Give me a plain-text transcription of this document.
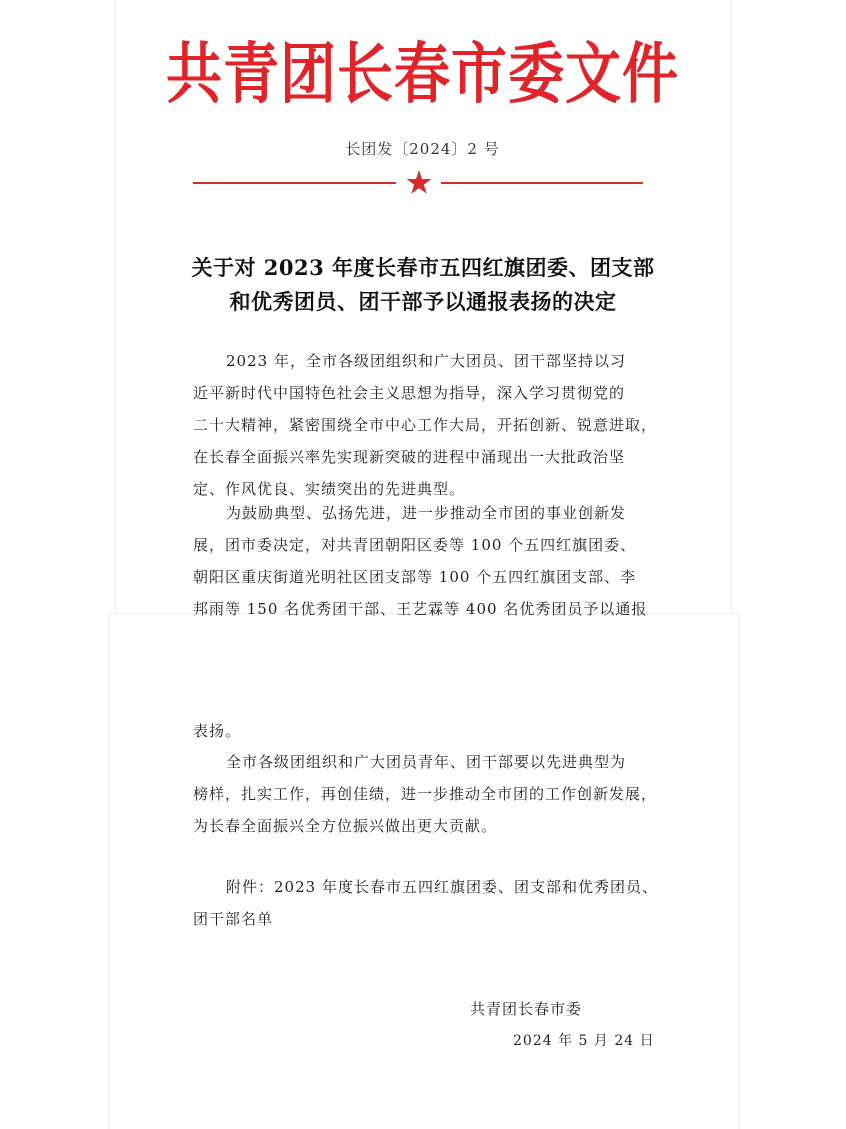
共青团长春市委文件
长团发〔2024〕2 号
关于对 2023 年度长春市五四红旗团委、团支部
和优秀团员、团干部予以通报表扬的决定
2023 年，全市各级团组织和广大团员、团干部坚持以习
近平新时代中国特色社会主义思想为指导，深入学习贯彻党的
二十大精神，紧密围绕全市中心工作大局，开拓创新、锐意进取，
在长春全面振兴率先实现新突破的进程中涌现出一大批政治坚
定、作风优良、实绩突出的先进典型。
为鼓励典型、弘扬先进，进一步推动全市团的事业创新发
展，团市委决定，对共青团朝阳区委等 100 个五四红旗团委、
朝阳区重庆街道光明社区团支部等 100 个五四红旗团支部、李
邦雨等 150 名优秀团干部、王艺霖等 400 名优秀团员予以通报
表扬。
全市各级团组织和广大团员青年、团干部要以先进典型为
榜样，扎实工作，再创佳绩，进一步推动全市团的工作创新发展，
为长春全面振兴全方位振兴做出更大贡献。
附件：2023 年度长春市五四红旗团委、团支部和优秀团员、
团干部名单
共青团长春市委
2024 年 5 月 24 日
